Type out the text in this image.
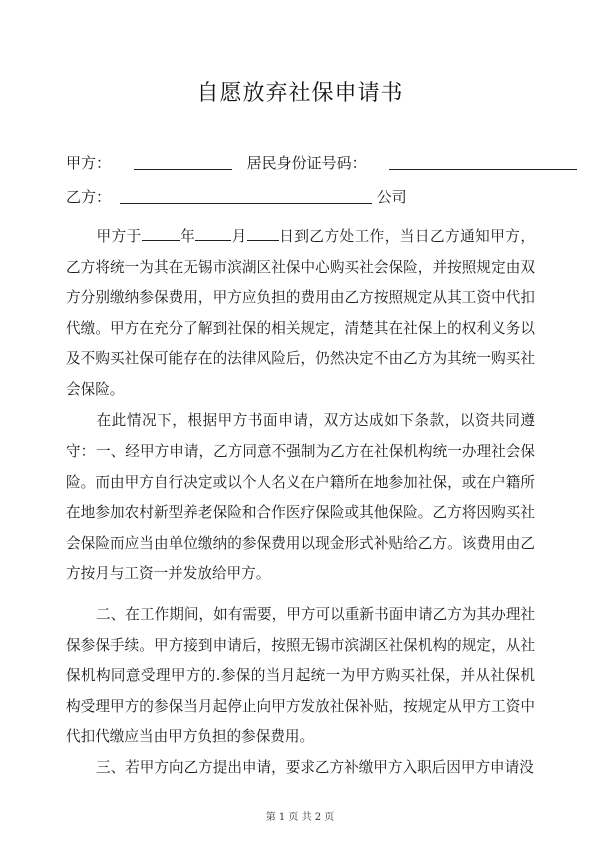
自愿放弃社保申请书
甲方：	居民身份证号码：
乙方：	公司
甲方于	年 月 日到乙方处工作，当日乙方通知甲方，乙方将统一为其在无锡市滨湖区社保中心购买社会保险，并按照规定由双方分别缴纳参保费用，甲方应负担的费用由乙方按照规定从其工资中代扣代缴。甲方在充分了解到社保的相关规定，清楚其在社保上的权利义务以及不购买社保可能存在的法律风险后，仍然决定不由乙方为其统一购买社会保险。
在此情况下，根据甲方书面申请，双方达成如下条款，以资共同遵守： 一、经甲方申请，乙方同意不强制为乙方在社保机构统一办理社会保险。而由甲方自行决定或以个人名义在户籍所在地参加社保，或在户籍所在地参加农村新型养老保险和合作医疗保险或其他保险。乙方将因购买社会保险而应当由单位缴纳的参保费用以现金形式补贴给乙方。该费用由乙方按月与工资一并发放给甲方。
二、在工作期间，如有需要，甲方可以重新书面申请乙方为其办理社保参保手续。甲方接到申请后，按照无锡市滨湖区社保机构的规定，从社保机构同意受理甲方的.参保的当月起统一为甲方购买社保，并从社保机构受理甲方的参保当月起停止向甲方发放社保补贴，按规定从甲方工资中代扣代缴应当由甲方负担的参保费用。
三、若甲方向乙方提出申请，要求乙方补缴甲方入职后因甲方申请没
第 1 页 共 2 页
